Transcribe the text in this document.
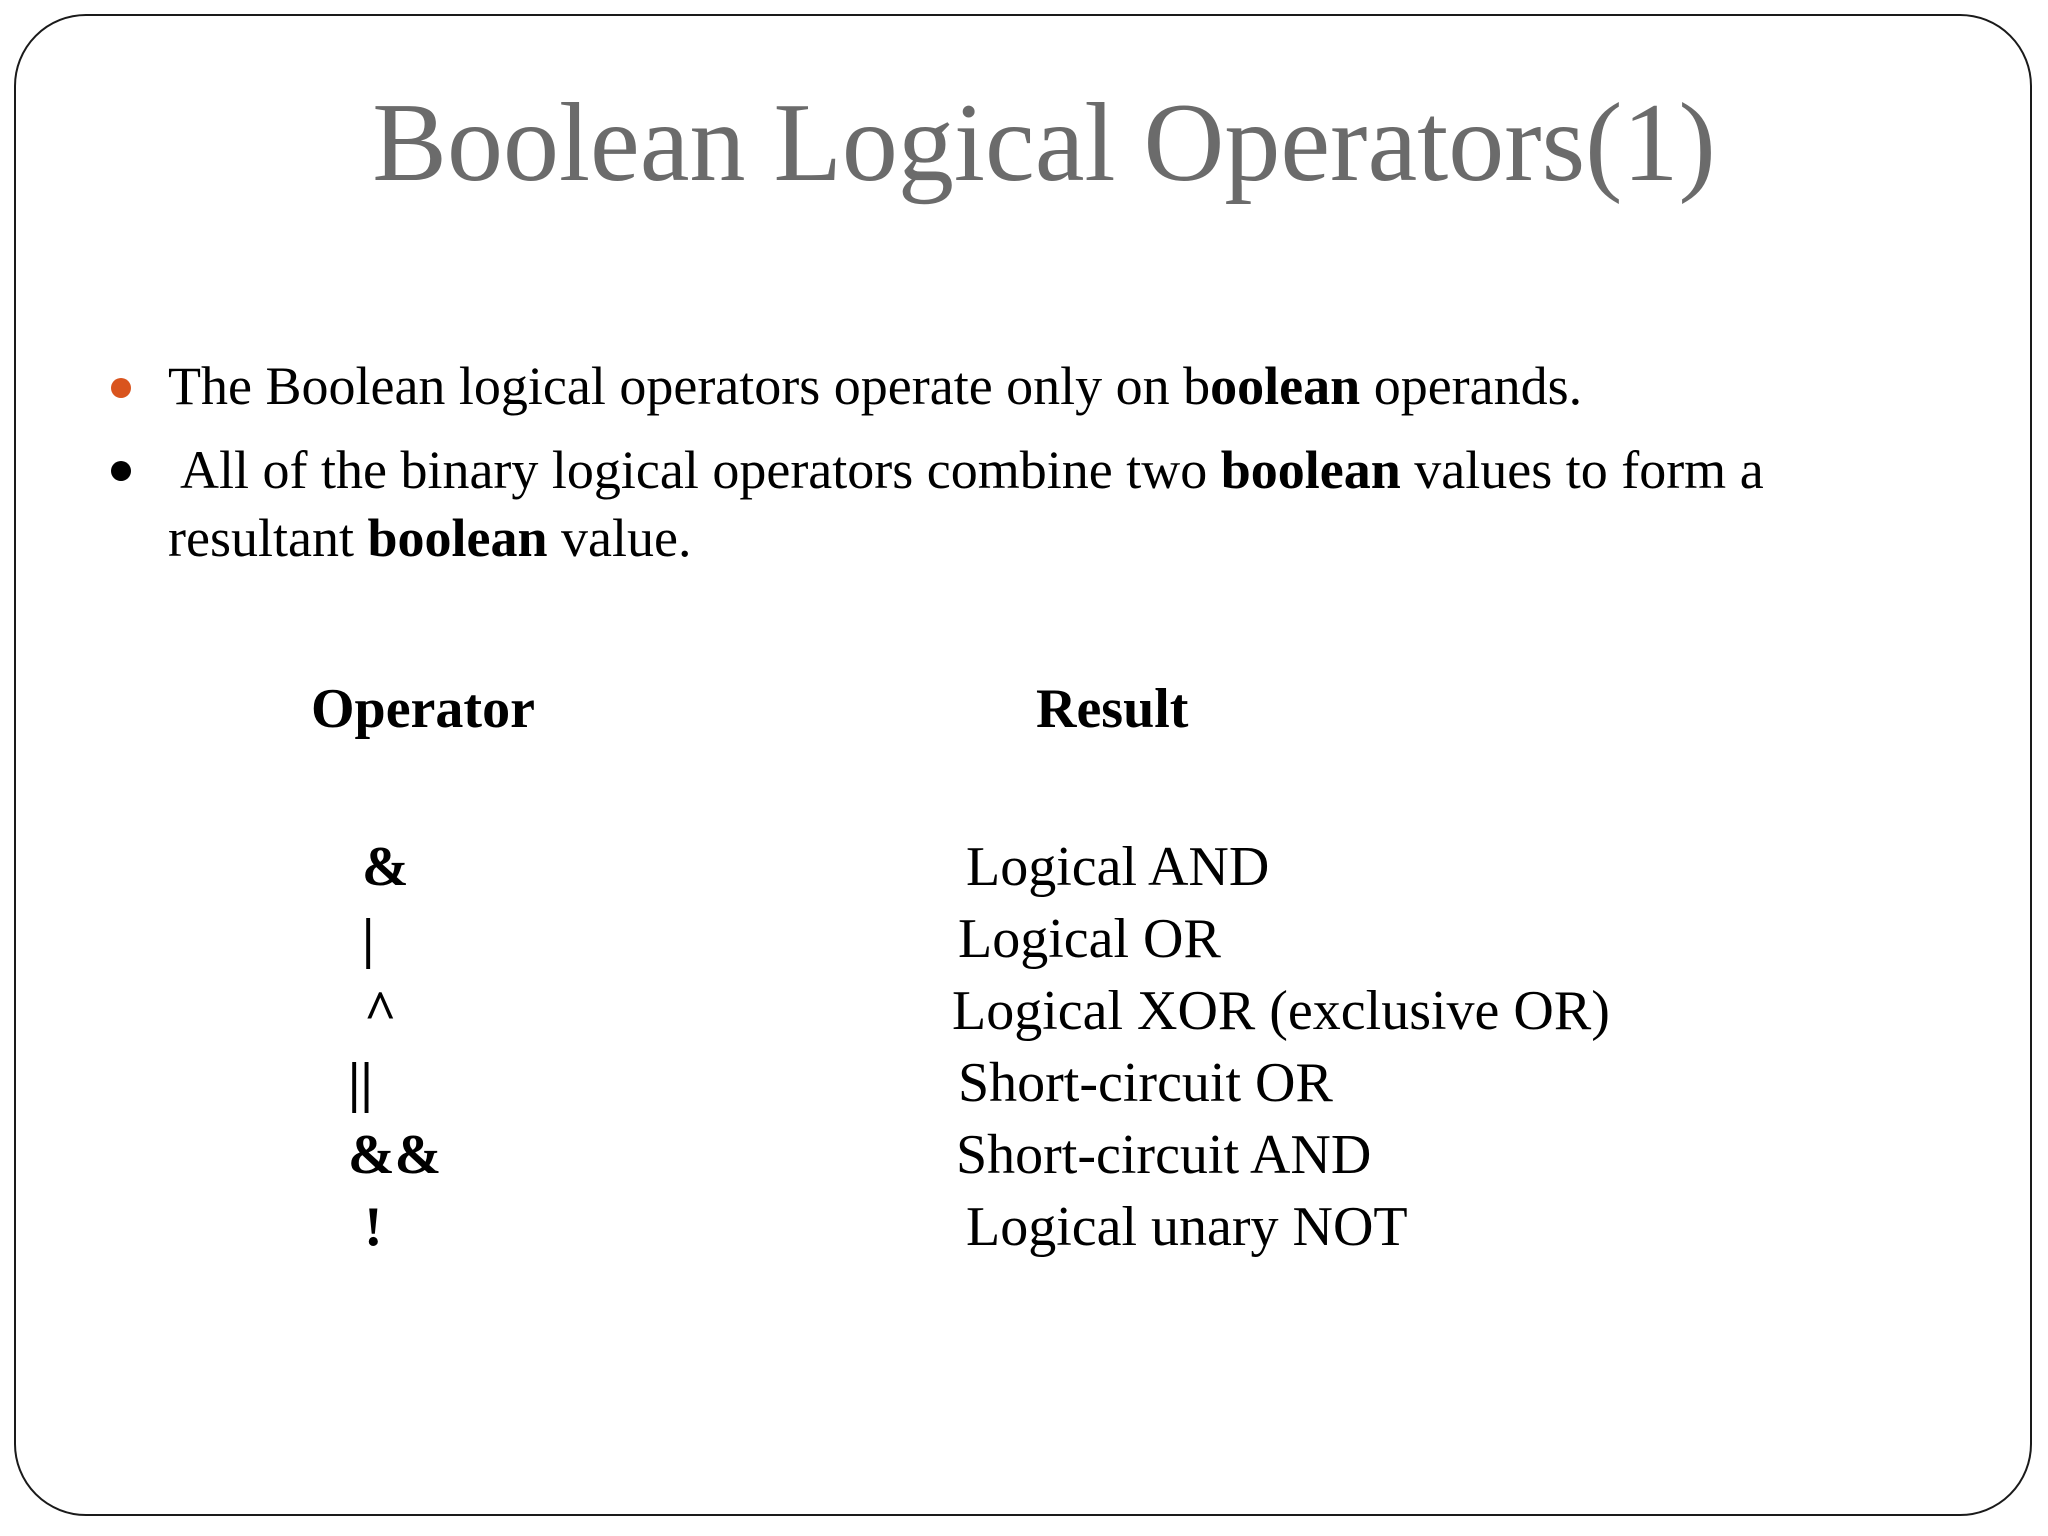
Boolean Logical Operators(1)
The Boolean logical operators operate only on boolean operands.
All of the binary logical operators combine two boolean values to form a
resultant boolean value.
Operator	Result
&	Logical AND
|	Logical OR
^	Logical XOR (exclusive OR)
||	Short-circuit OR
&&	Short-circuit AND
!	Logical unary NOT
